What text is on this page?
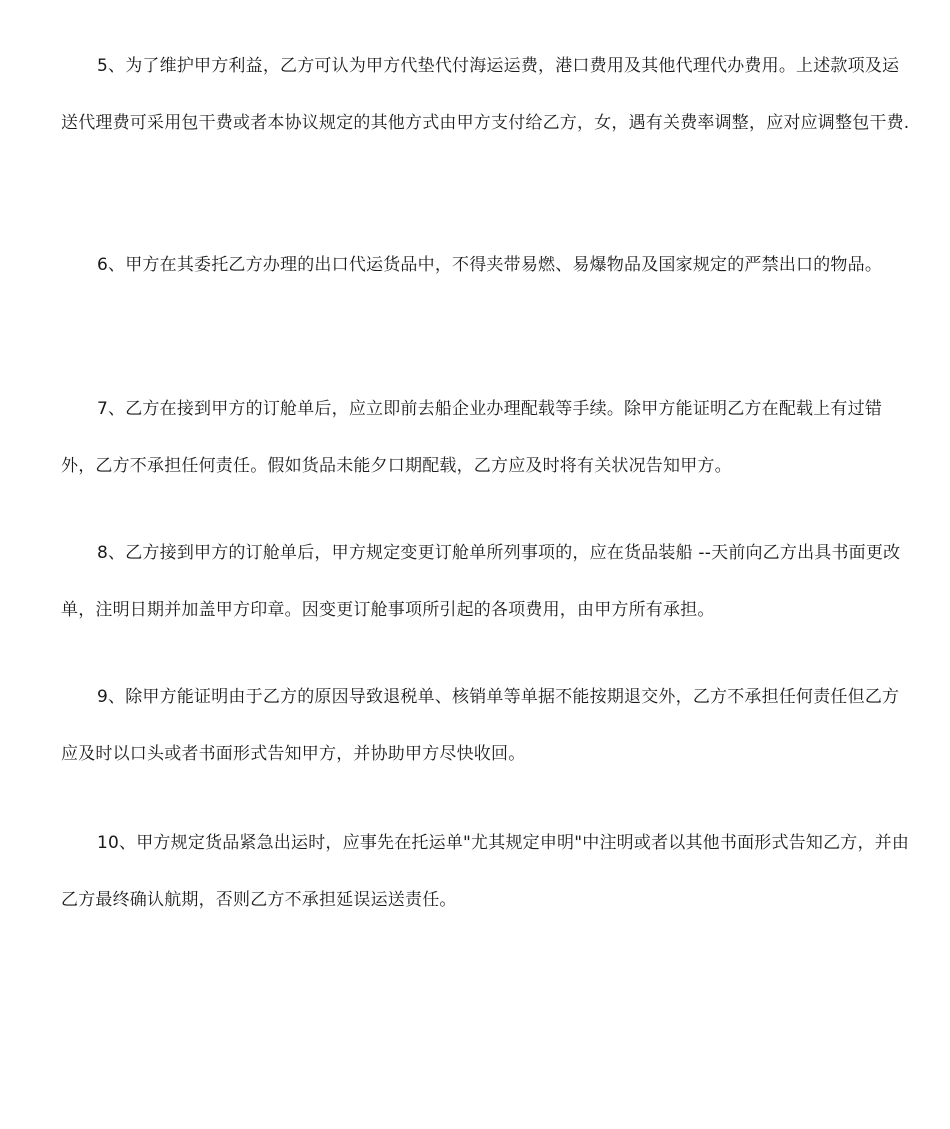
5、为了维护甲方利益，乙方可认为甲方代垫代付海运运费，港口费用及其他代理代办费用。上述款项及运送代理费可采用包干费或者本协议规定的其他方式由甲方支付给乙方，女，遇有关费率调整，应对应调整包干费.

6、甲方在其委托乙方办理的出口代运货品中，不得夹带易燃、易爆物品及国家规定的严禁出口的物品。

7、乙方在接到甲方的订舱单后，应立即前去船企业办理配载等手续。除甲方能证明乙方在配载上有过错外，乙方不承担任何责任。假如货品未能夕口期配载，乙方应及时将有关状况告知甲方。

8、乙方接到甲方的订舱单后，甲方规定变更订舱单所列事项的，应在货品装船 --天前向乙方出具书面更改单，注明日期并加盖甲方印章。因变更订舱事项所引起的各项费用，由甲方所有承担。

9、除甲方能证明由于乙方的原因导致退税单、核销单等单据不能按期退交外，乙方不承担任何责任但乙方应及时以口头或者书面形式告知甲方，并协助甲方尽快收回。

10、甲方规定货品紧急出运时，应事先在托运单"尤其规定申明"中注明或者以其他书面形式告知乙方，并由乙方最终确认航期，否则乙方不承担延误运送责任。
